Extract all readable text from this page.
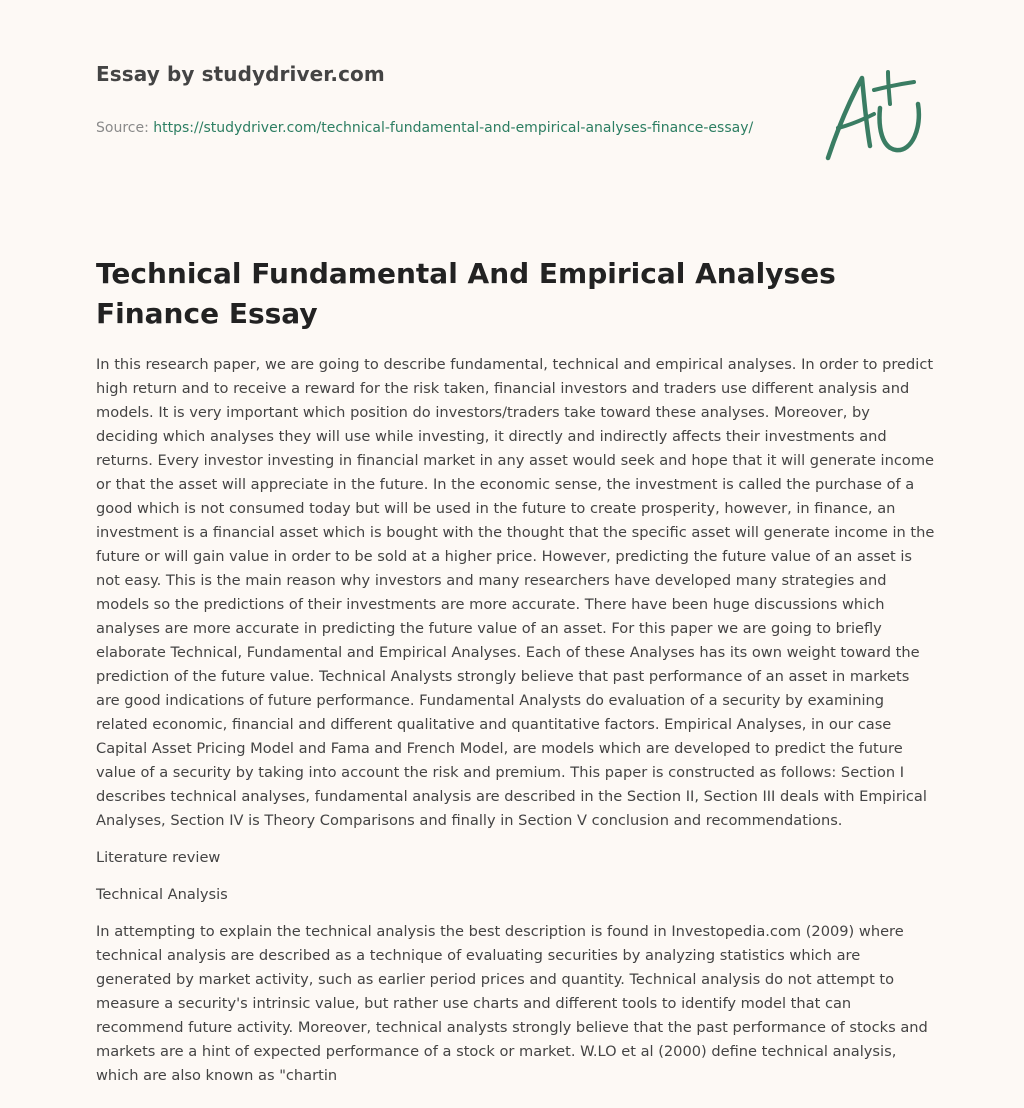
Essay by studydriver.com
Source: https://studydriver.com/technical-fundamental-and-empirical-analyses-finance-essay/
Technical Fundamental And Empirical Analyses Finance Essay

In this research paper, we are going to describe fundamental, technical and empirical analyses. In order to predict high return and to receive a reward for the risk taken, financial investors and traders use different analysis and models. It is very important which position do investors/traders take toward these analyses. Moreover, by deciding which analyses they will use while investing, it directly and indirectly affects their investments and returns. Every investor investing in financial market in any asset would seek and hope that it will generate income or that the asset will appreciate in the future. In the economic sense, the investment is called the purchase of a good which is not consumed today but will be used in the future to create prosperity, however, in finance, an investment is a financial asset which is bought with the thought that the specific asset will generate income in the future or will gain value in order to be sold at a higher price. However, predicting the future value of an asset is not easy. This is the main reason why investors and many researchers have developed many strategies and models so the predictions of their investments are more accurate. There have been huge discussions which analyses are more accurate in predicting the future value of an asset. For this paper we are going to briefly elaborate Technical, Fundamental and Empirical Analyses. Each of these Analyses has its own weight toward the prediction of the future value. Technical Analysts strongly believe that past performance of an asset in markets are good indications of future performance. Fundamental Analysts do evaluation of a security by examining related economic, financial and different qualitative and quantitative factors. Empirical Analyses, in our case Capital Asset Pricing Model and Fama and French Model, are models which are developed to predict the future value of a security by taking into account the risk and premium. This paper is constructed as follows: Section I describes technical analyses, fundamental analysis are described in the Section II, Section III deals with Empirical Analyses, Section IV is Theory Comparisons and finally in Section V conclusion and recommendations.

Literature review

Technical Analysis

In attempting to explain the technical analysis the best description is found in Investopedia.com (2009) where technical analysis are described as a technique of evaluating securities by analyzing statistics which are generated by market activity, such as earlier period prices and quantity. Technical analysis do not attempt to measure a security's intrinsic value, but rather use charts and different tools to identify model that can recommend future activity. Moreover, technical analysts strongly believe that the past performance of stocks and markets are a hint of expected performance of a stock or market. W.LO et al (2000) define technical analysis, which are also known as "chartin
